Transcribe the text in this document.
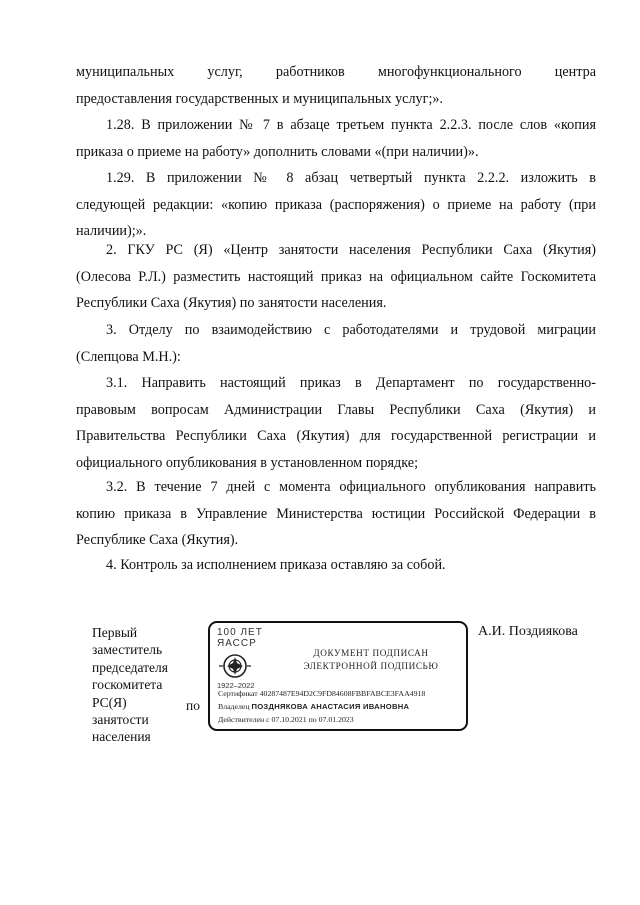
муниципальных услуг, работников многофункционального центра
предоставления государственных и муниципальных услуг;».
1.28. В приложении № 7 в абзаце третьем пункта 2.2.3. после слов «копия
приказа о приеме на работу» дополнить словами «(при наличии)».
1.29. В приложении № 8 абзац четвертый пункта 2.2.2. изложить в
следующей редакции: «копию приказа (распоряжения) о приеме на работу (при
наличии);».
2. ГКУ РС (Я) «Центр занятости населения Республики Саха (Якутия)
(Олесова Р.Л.) разместить настоящий приказ на официальном сайте Госкомитета
Республики Саха (Якутия) по занятости населения.
3. Отделу по взаимодействию с работодателями и трудовой миграции
(Слепцова М.Н.):
3.1. Направить настоящий приказ в Департамент по государственно-
правовым вопросам Администрации Главы Республики Саха (Якутия) и
Правительства Республики Саха (Якутия) для государственной регистрации и
официального опубликования в установленном порядке;
3.2. В течение 7 дней с момента официального опубликования направить
копию приказа в Управление Министерства юстиции Российской Федерации в
Республике Саха (Якутия).
4. Контроль за исполнением приказа оставляю за собой.
Первый
заместитель
председателя
госкомитета
РС(Я)
занятости
населения
по
А.И. Поздиякова
100 ЛЕТ
ЯАССР
1922–2022
ДОКУМЕНТ ПОДПИСАН
ЭЛЕКТРОННОЙ ПОДПИСЬЮ
Сертификат 40287487E94D2C9FD84608FBBFABCE3FAA4918
Владелец ПОЗДНЯКОВА АНАСТАСИЯ ИВАНОВНА
Действителен с 07.10.2021 по 07.01.2023
